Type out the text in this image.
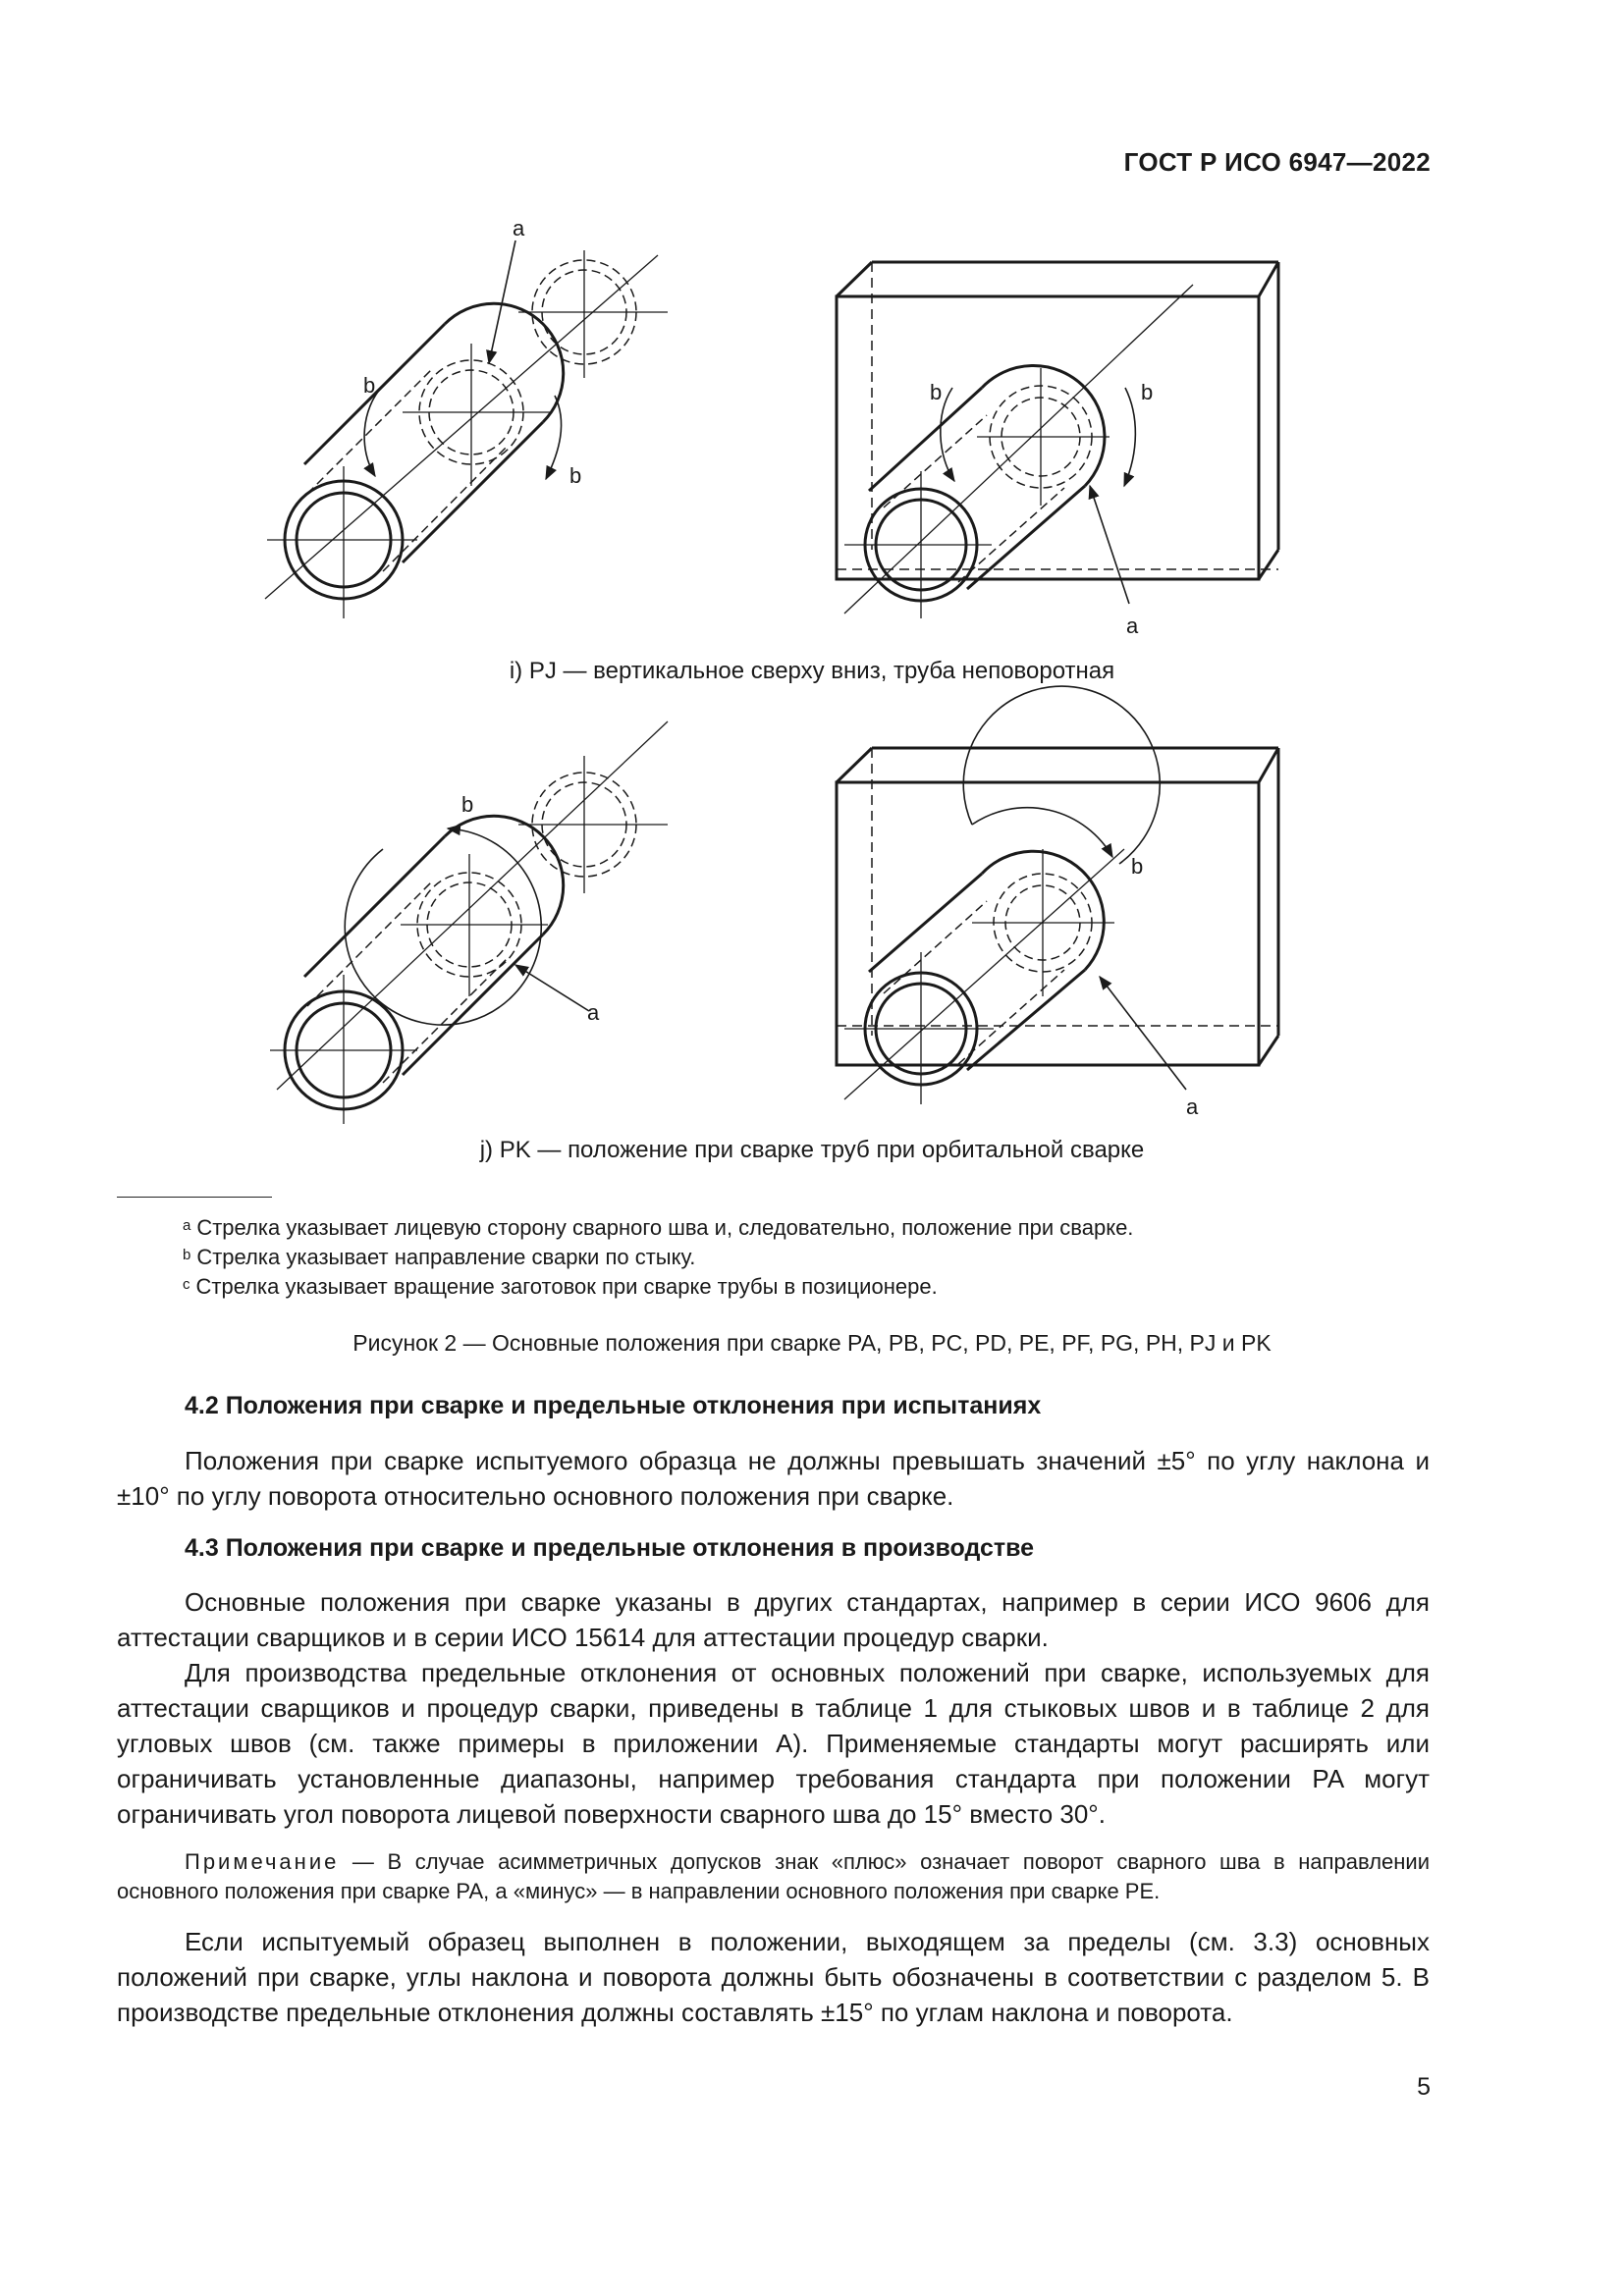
ГОСТ Р ИСО 6947—2022
a
b
b
b	b
a
i) PJ — вертикальное сверху вниз, труба неповоротная
b
a
b
a
j) PK — положение при сварке труб при орбитальной сварке
$^a$ Стрелка указывает лицевую сторону сварного шва и, следовательно, положение при сварке.
$^b$ Стрелка указывает направление сварки по стыку.
$^c$ Стрелка указывает вращение заготовок при сварке трубы в позиционере.
Рисунок 2 — Основные положения при сварке PA, PB, PC, PD, PE, PF, PG, PH, PJ и PK
4.2 Положения при сварке и предельные отклонения при испытаниях
Положения при сварке испытуемого образца не должны превышать значений ±5° по углу наклона и ±10° по углу поворота относительно основного положения при сварке.
4.3 Положения при сварке и предельные отклонения в производстве
Основные положения при сварке указаны в других стандартах, например в серии ИСО 9606 для аттестации сварщиков и в серии ИСО 15614 для аттестации процедур сварки.
Для производства предельные отклонения от основных положений при сварке, используемых для аттестации сварщиков и процедур сварки, приведены в таблице 1 для стыковых швов и в таблице 2 для угловых швов (см. также примеры в приложении А). Применяемые стандарты могут расширять или ограничивать установленные диапазоны, например требования стандарта при положении PA могут ограничивать угол поворота лицевой поверхности сварного шва до 15° вместо 30°.
Примечание — В случае асимметричных допусков знак «плюс» означает поворот сварного шва в направлении основного положения при сварке PA, а «минус» — в направлении основного положения при сварке PE.
Если испытуемый образец выполнен в положении, выходящем за пределы (см. 3.3) основных положений при сварке, углы наклона и поворота должны быть обозначены в соответствии с разделом 5. В производстве предельные отклонения должны составлять ±15° по углам наклона и поворота.
5
